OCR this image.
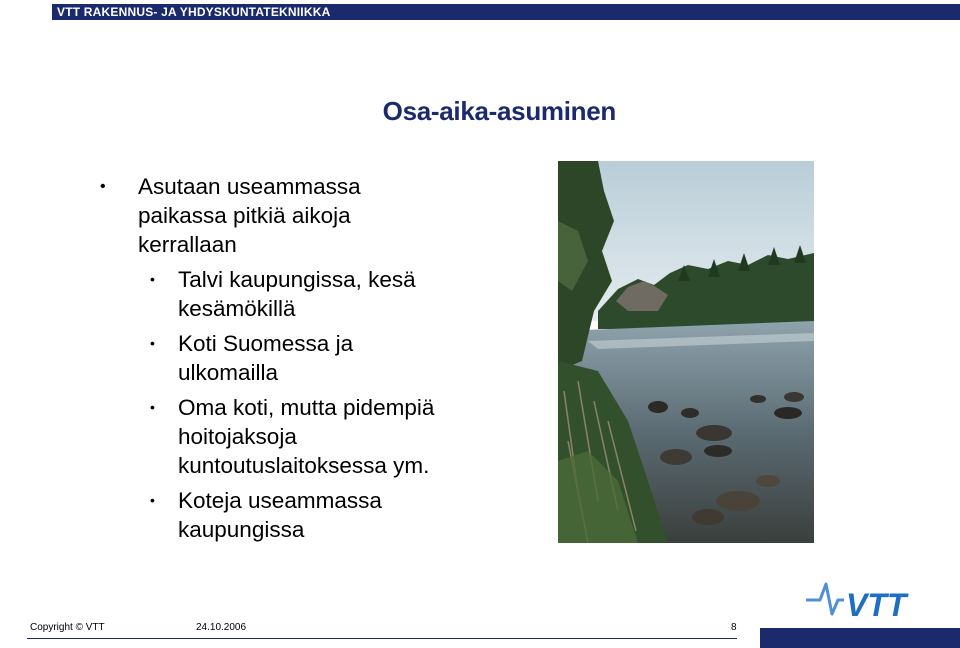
VTT RAKENNUS- JA YHDYSKUNTATEKNIIKKA
Osa-aika-asuminen
• Asutaan useammassa
paikassa pitkiä aikoja
kerrallaan
• Talvi kaupungissa, kesä
kesämökillä
• Koti Suomessa ja
ulkomailla
• Oma koti, mutta pidempiä
hoitojaksoja
kuntoutuslaitoksessa ym.
• Koteja useammassa
kaupungissa
VTT
Copyright © VTT	24.10.2006	8
